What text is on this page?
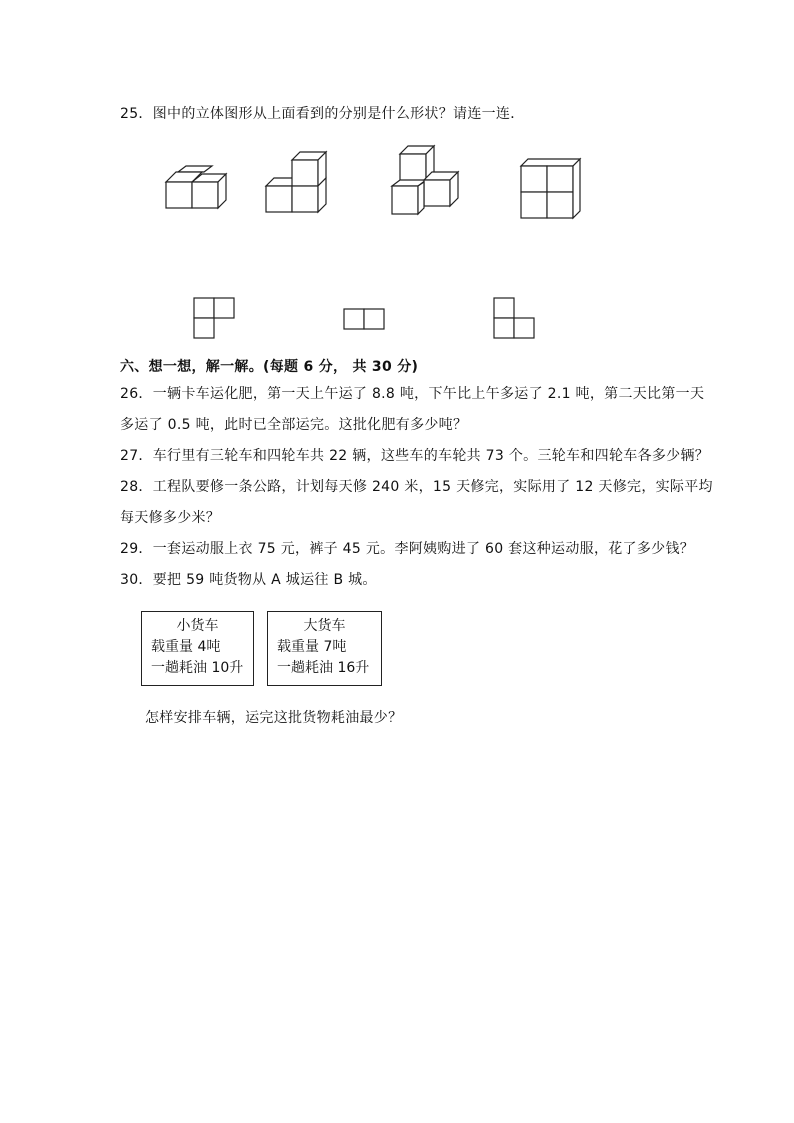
25．图中的立体图形从上面看到的分别是什么形状？请连一连．
六、想一想，解一解。(每题 6 分， 共 30 分)
26．一辆卡车运化肥，第一天上午运了 8.8 吨，下午比上午多运了 2.1 吨，第二天比第一天
多运了 0.5 吨，此时已全部运完。这批化肥有多少吨？
27．车行里有三轮车和四轮车共 22 辆，这些车的车轮共 73 个。三轮车和四轮车各多少辆？
28．工程队要修一条公路，计划每天修 240 米，15 天修完，实际用了 12 天修完，实际平均
每天修多少米？
29．一套运动服上衣 75 元，裤子 45 元。李阿姨购进了 60 套这种运动服，花了多少钱？
30．要把 59 吨货物从 A 城运往 B 城。
小货车
载重量 4吨
一趟耗油 10升
大货车
载重量 7吨
一趟耗油 16升
怎样安排车辆，运完这批货物耗油最少？
